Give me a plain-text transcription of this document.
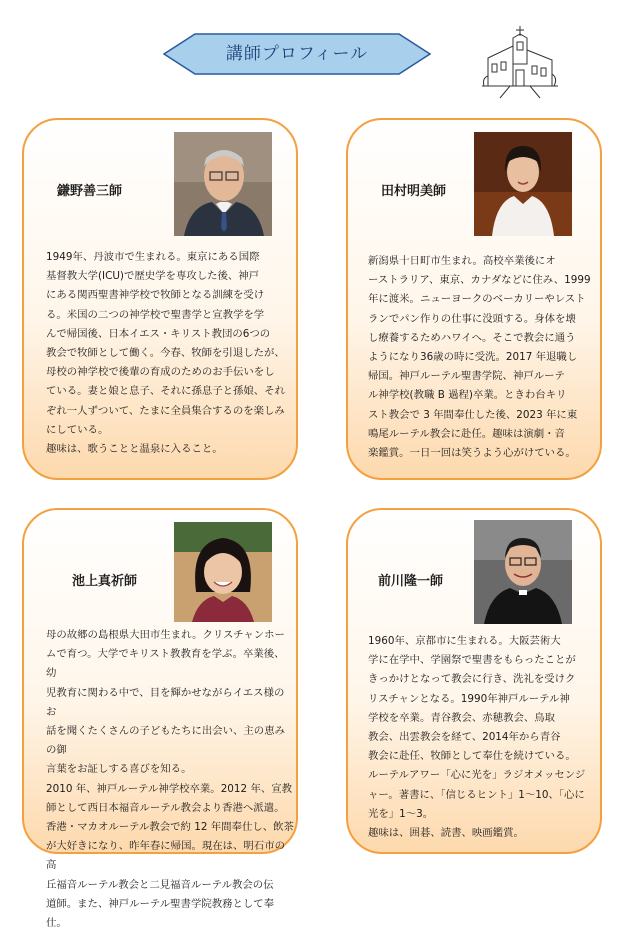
講師プロフィール
鎌野善三師

1949年、丹波市で生まれる。東京にある国際
基督教大学(ICU)で歴史学を専攻した後、神戸
にある関西聖書神学校で牧師となる訓練を受け
る。米国の二つの神学校で聖書学と宣教学を学
んで帰国後、日本イエス・キリスト教団の6つの
教会で牧師として働く。今春、牧師を引退したが、
母校の神学校で後輩の育成のためのお手伝いをし
ている。妻と娘と息子、それに孫息子と孫娘、それ
ぞれ一人ずついて、たまに全員集合するのを楽しみ
にしている。

趣味は、歌うことと温泉に入ること。

田村明美師

新潟県十日町市生まれ。高校卒業後にオ
ーストラリア、東京、カナダなどに住み、1999
年に渡米。ニューヨークのベーカリーやレスト
ランでパン作りの仕事に没頭する。身体を壊
し療養するためハワイへ。そこで教会に通う
ようになり36歳の時に受洗。2017 年退職し
帰国。神戸ルーテル聖書学院、神戸ルーテ
ル神学校(教職 B 過程)卒業。ときわ台キリ
スト教会で 3 年間奉仕した後、2023 年に東
鳴尾ルーテル教会に赴任。趣味は演劇・音
楽鑑賞。一日一回は笑うよう心がけている。

池上真祈師

母の故郷の島根県大田市生まれ。クリスチャンホー
ムで育つ。大学でキリスト教教育を学ぶ。卒業後、幼
児教育に関わる中で、目を輝かせながらイエス様のお
話を聞くたくさんの子どもたちに出会い、主の恵みの御
言葉をお証しする喜びを知る。

2010 年、神戸ルーテル神学校卒業。2012 年、宣教
師として西日本福音ルーテル教会より香港へ派遣。
香港・マカオルーテル教会で約 12 年間奉仕し、飲茶
が大好きになり、昨年春に帰国。現在は、明石市の高
丘福音ルーテル教会と二見福音ルーテル教会の伝
道師。また、神戸ルーテル聖書学院教務として奉仕。

前川隆一師

1960年、京都市に生まれる。大阪芸術大
学に在学中、学園祭で聖書をもらったことが
きっかけとなって教会に行き、洗礼を受けク
リスチャンとなる。1990年神戸ルーテル神
学校を卒業。青谷教会、赤穂教会、鳥取
教会、出雲教会を経て、2014年から青谷
教会に赴任、牧師として奉仕を続けている。
ルーテルアワー「心に光を」ラジオメッセンジ
ャー。著書に、「信じるヒント」1～10、「心に
光を」1～3。

趣味は、囲碁、読書、映画鑑賞。
